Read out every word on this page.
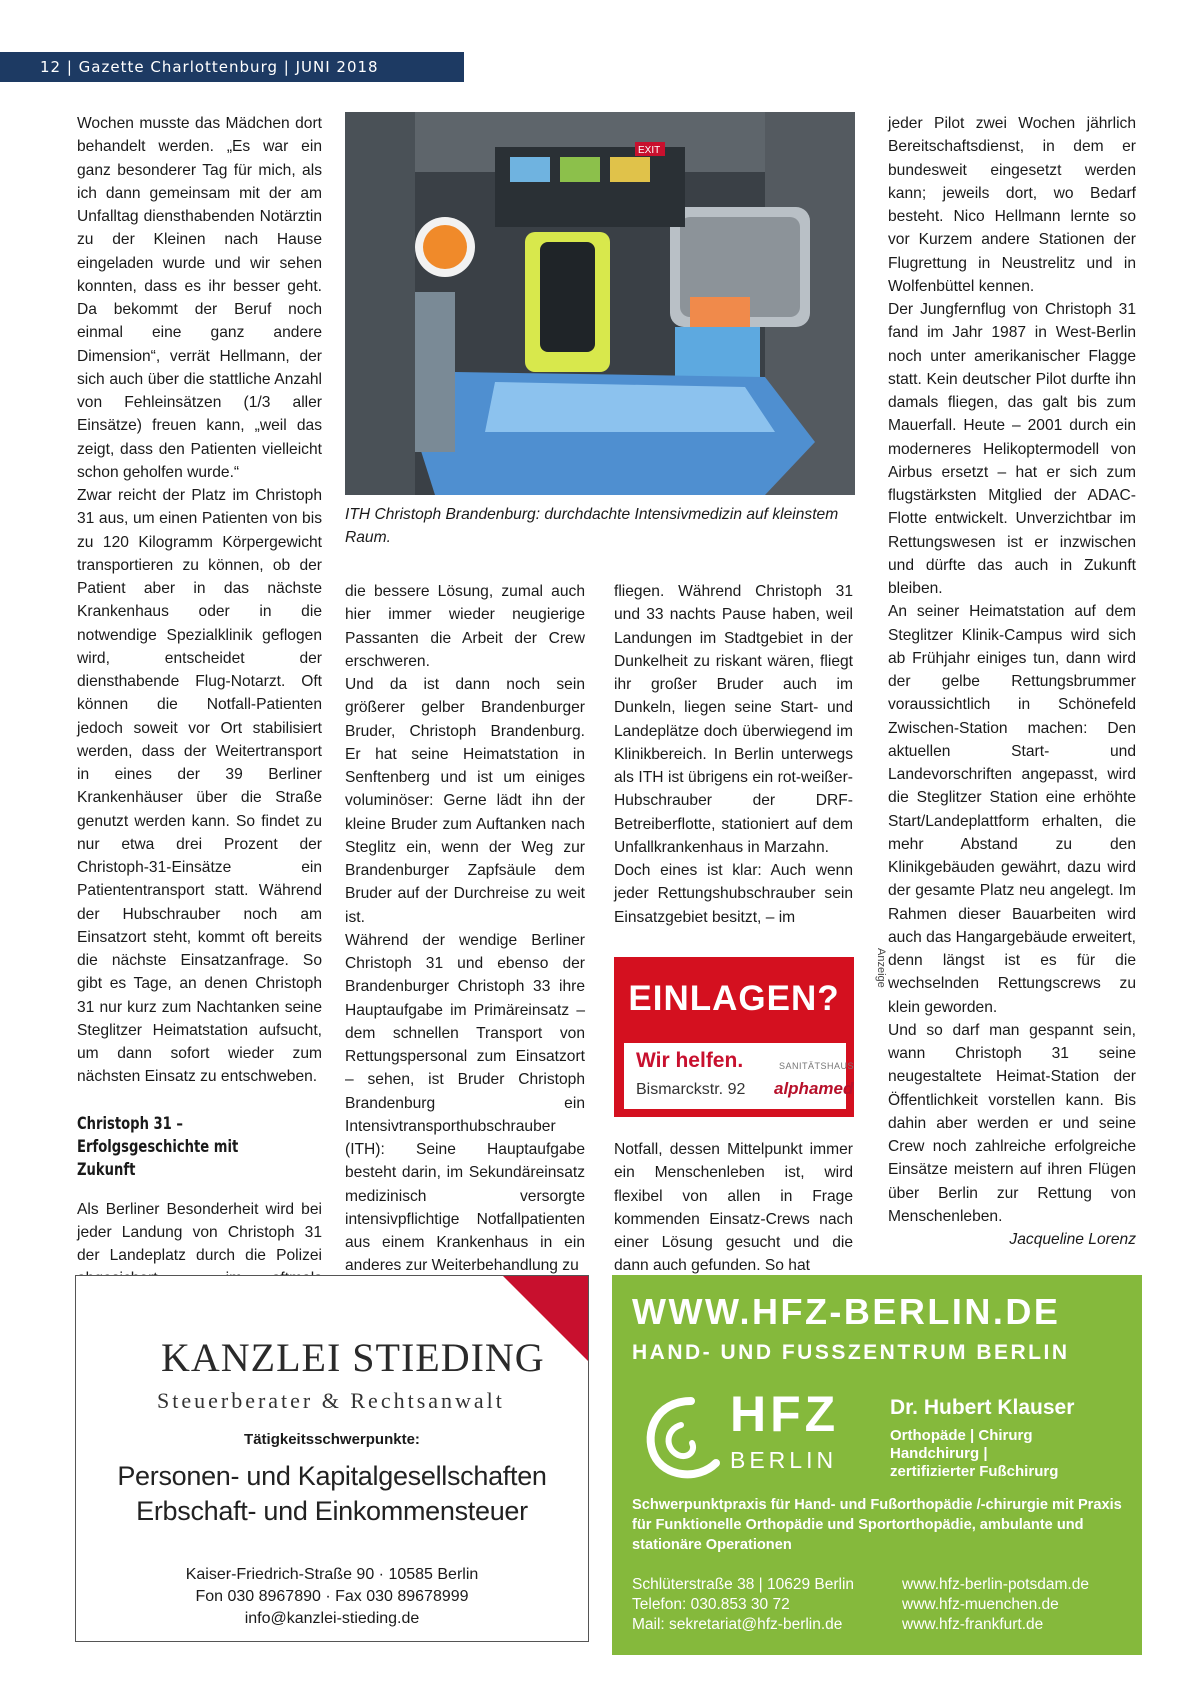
12 | Gazette Charlottenburg | JUNI 2018

Wochen musste das Mädchen dort behandelt werden. „Es war ein ganz besonderer Tag für mich, als ich dann gemeinsam mit der am Unfalltag diensthabenden Notärztin zu der Kleinen nach Hause eingeladen wurde und wir sehen konnten, dass es ihr besser geht. Da bekommt der Beruf noch einmal eine ganz andere Dimension“, verrät Hellmann, der sich auch über die stattliche Anzahl von Fehleinsätzen (1/3 aller Einsätze) freuen kann, „weil das zeigt, dass den Patienten vielleicht schon geholfen wurde.“

Zwar reicht der Platz im Christoph 31 aus, um einen Patienten von bis zu 120 Kilogramm Körpergewicht transportieren zu können, ob der Patient aber in das nächste Krankenhaus oder in die notwendige Spezialklinik geflogen wird, entscheidet der diensthabende Flug-Notarzt. Oft können die Notfall-Patienten jedoch soweit vor Ort stabilisiert werden, dass der Weitertransport in eines der 39 Berliner Krankenhäuser über die Straße genutzt werden kann. So findet zu nur etwa drei Prozent der Christoph-31-Einsätze ein Patiententransport statt. Während der Hubschrauber noch am Einsatzort steht, kommt oft bereits die nächste Einsatzanfrage. So gibt es Tage, an denen Christoph 31 nur kurz zum Nachtanken seine Steglitzer Heimatstation aufsucht, um dann sofort wieder zum nächsten Einsatz zu entschweben.

Christoph 31 – Erfolgsgeschichte mit Zukunft

Als Berliner Besonderheit wird bei jeder Landung von Christoph 31 der Landeplatz durch die Polizei

EXIT
ITH Christoph Brandenburg: durchdachte Intensivmedizin auf kleinstem Raum.

die bessere Lösung, zumal auch hier immer wieder neugierige Passanten die Arbeit der Crew erschweren.

Und da ist dann noch sein größerer gelber Brandenburger Bruder, Christoph Brandenburg. Er hat seine Heimatstation in Senftenberg und ist um einiges voluminöser: Gerne lädt ihn der kleine Bruder zum Auftanken nach Steglitz ein, wenn der Weg zur Brandenburger Zapfsäule dem Bruder auf der Durchreise zu weit ist.

Während der wendige Berliner Christoph 31 und ebenso der Brandenburger Christoph 33 ihre Hauptaufgabe im Primäreinsatz – dem schnellen Transport von Rettungspersonal zum Einsatzort – sehen, ist Bruder Christoph Brandenburg ein Intensivtransporthubschrauber (ITH): Seine Hauptaufgabe besteht darin, im Sekundäreinsatz medizinisch versorgte intensivpflichtige Notfallpatienten aus einem Krankenhaus in ein anderes zur Weiterbehandlung zu

fliegen. Während Christoph 31 und 33 nachts Pause haben, weil Landungen im Stadtgebiet in der Dunkelheit zu riskant wären, fliegt ihr großer Bruder auch im Dunkeln, liegen seine Start- und Landeplätze doch überwiegend im Klinikbereich. In Berlin unterwegs als ITH ist übrigens ein rot-weißer-Hubschrauber der DRF-Betreiberflotte, stationiert auf dem Unfallkrankenhaus in Marzahn.

Doch eines ist klar: Auch wenn jeder Rettungshubschrauber sein Einsatzgebiet besitzt, – im

EINLAGEN?
Wir helfen.
Bismarckstr. 92
SANITÄTSHAUS
alphamed
Anzeige

Notfall, dessen Mittelpunkt immer ein Menschenleben ist, wird flexibel von allen in Frage kommenden Einsatz-Crews nach einer Lösung gesucht und die dann auch gefunden. So hat

jeder Pilot zwei Wochen jährlich Bereitschaftsdienst, in dem er bundesweit eingesetzt werden kann; jeweils dort, wo Bedarf besteht. Nico Hellmann lernte so vor Kurzem andere Stationen der Flugrettung in Neustrelitz und in Wolfenbüttel kennen.

Der Jungfernflug von Christoph 31 fand im Jahr 1987 in West-Berlin noch unter amerikanischer Flagge statt. Kein deutscher Pilot durfte ihn damals fliegen, das galt bis zum Mauerfall. Heute – 2001 durch ein moderneres Helikoptermodell von Airbus ersetzt – hat er sich zum flugstärksten Mitglied der ADAC-Flotte entwickelt. Unverzichtbar im Rettungswesen ist er inzwischen und dürfte das auch in Zukunft bleiben.

An seiner Heimatstation auf dem Steglitzer Klinik-Campus wird sich ab Frühjahr einiges tun, dann wird der gelbe Rettungsbrummer voraussichtlich in Schönefeld Zwischen-Station machen: Den aktuellen Start- und Landevorschriften angepasst, wird die Steglitzer Station eine erhöhte Start/Landeplattform erhalten, die mehr Abstand zu den Klinikgebäuden gewährt, dazu wird der gesamte Platz neu angelegt. Im Rahmen dieser Bauarbeiten wird auch das Hangargebäude erweitert, denn längst ist es für die wechselnden Rettungscrews zu klein geworden.

Und so darf man gespannt sein, wann Christoph 31 seine neugestaltete Heimat-Station der Öffentlichkeit vorstellen kann. Bis dahin aber werden er und seine Crew noch zahlreiche erfolgreiche Einsätze meistern auf ihren Flügen über Berlin zur Rettung von Menschenleben.

Jacqueline Lorenz

KANZLEI STIEDING
Steuerberater & Rechtsanwalt
Tätigkeitsschwerpunkte:
Personen- und Kapitalgesellschaften
Erbschaft- und Einkommensteuer
Kaiser-Friedrich-Straße 90 · 10585 Berlin
Fon 030 8967890 · Fax 030 89678999
info@kanzlei-stieding.de
WWW.HFZ-BERLIN.DE
HAND- UND FUSSZENTRUM BERLIN
HFZ
BERLIN
Dr. Hubert Klauser
Orthopäde | Chirurg
Handchirurg |
zertifizierter Fußchirurg
Schwerpunktpraxis für Hand- und Fußorthopädie /-chirurgie mit Praxis für Funktionelle Orthopädie und Sportorthopädie, ambulante und stationäre Operationen
Schlüterstraße 38 | 10629 Berlin
Telefon: 030.853 30 72
Mail: sekretariat@hfz-berlin.de
www.hfz-berlin-potsdam.de
www.hfz-muenchen.de
www.hfz-frankfurt.de
